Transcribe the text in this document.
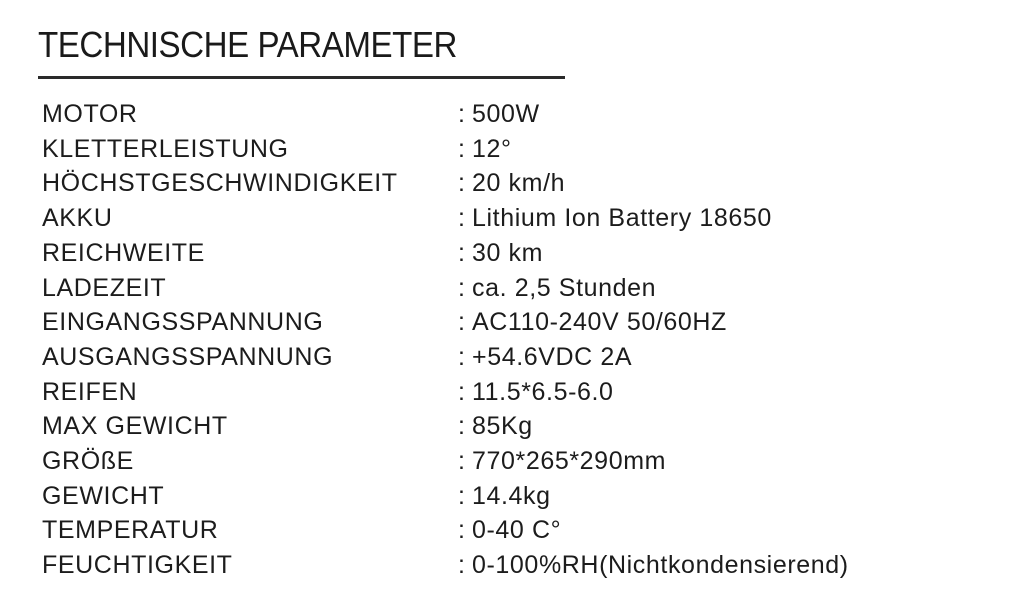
TECHNISCHE PARAMETER
MOTOR	:	500W
KLETTERLEISTUNG	:	12°
HÖCHSTGESCHWINDIGKEIT	:	20 km/h
AKKU	:	Lithium Ion Battery 18650
REICHWEITE	:	30 km
LADEZEIT	:	ca. 2,5 Stunden
EINGANGSSPANNUNG	:	AC110-240V 50/60HZ
AUSGANGSSPANNUNG	:	+54.6VDC 2A
REIFEN	:	11.5*6.5-6.0
MAX GEWICHT	:	85Kg
GRÖßE	:	770*265*290mm
GEWICHT	:	14.4kg
TEMPERATUR	:	0-40 C°
FEUCHTIGKEIT	:	0-100%RH(Nichtkondensierend)
